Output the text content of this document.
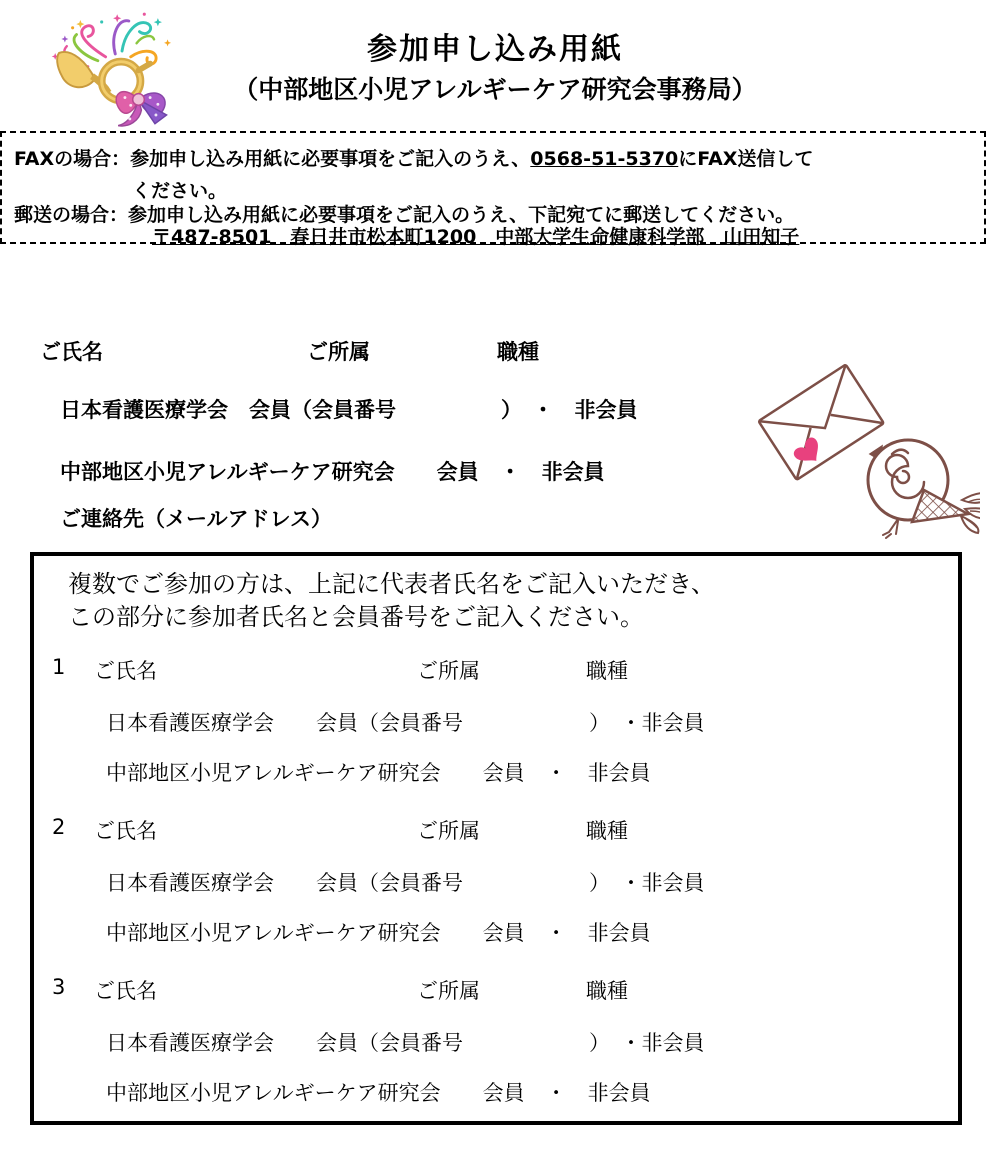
参加申し込み用紙
（中部地区小児アレルギーケア研究会事務局）
FAXの場合：参加申し込み用紙に必要事項をご記入のうえ、0568-51-5370にFAX送信して
ください。
郵送の場合：参加申し込み用紙に必要事項をご記入のうえ、下記宛てに郵送してください。
〒487-8501　春日井市松本町1200　中部大学生命健康科学部　山田知子
ご氏名	ご所属	職種
日本看護医療学会　会員（会員番号　　　　　）　・　非会員
中部地区小児アレルギーケア研究会　　会員　・　非会員
ご連絡先（メールアドレス）
複数でご参加の方は、上記に代表者氏名をご記入いただき、
この部分に参加者氏名と会員番号をご記入ください。
1 ご氏名	ご所属	職種
日本看護医療学会　　会員（会員番号　　　　　　）　・非会員
中部地区小児アレルギーケア研究会　　会員　・　非会員
2 ご氏名	ご所属	職種
日本看護医療学会　　会員（会員番号　　　　　　）　・非会員
中部地区小児アレルギーケア研究会　　会員　・　非会員
3 ご氏名	ご所属	職種
日本看護医療学会　　会員（会員番号　　　　　　）　・非会員
中部地区小児アレルギーケア研究会　　会員　・　非会員
